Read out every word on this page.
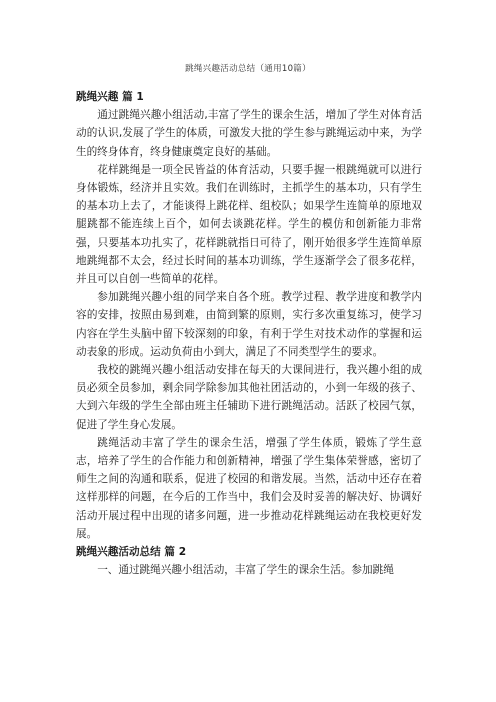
跳绳兴趣活动总结（通用10篇）

跳绳兴趣 篇 1

通过跳绳兴趣小组活动,丰富了学生的课余生活，增加了学生对体育活动的认识,发展了学生的体质，可激发大批的学生参与跳绳运动中来，为学生的终身体育，终身健康奠定良好的基础。

花样跳绳是一项全民皆益的体育活动，只要手握一根跳绳就可以进行身体锻炼，经济并且实效。我们在训练时，主抓学生的基本功，只有学生的基本功上去了，才能谈得上跳花样、组校队；如果学生连简单的原地双腿跳都不能连续上百个，如何去谈跳花样。学生的模仿和创新能力非常强，只要基本功扎实了，花样跳就指日可待了，刚开始很多学生连简单原地跳绳都不太会，经过长时间的基本功训练，学生逐渐学会了很多花样，并且可以自创一些简单的花样。

参加跳绳兴趣小组的同学来自各个班。教学过程、教学进度和教学内容的安排，按照由易到难，由简到繁的原则，实行多次重复练习，使学习内容在学生头脑中留下较深刻的印象，有利于学生对技术动作的掌握和运动表象的形成。运动负荷由小到大，满足了不同类型学生的要求。

我校的跳绳兴趣小组活动安排在每天的大课间进行，我兴趣小组的成员必须全员参加，剩余同学除参加其他社团活动的，小到一年级的孩子、大到六年级的学生全部由班主任辅助下进行跳绳活动。活跃了校园气氛，促进了学生身心发展。

跳绳活动丰富了学生的课余生活，增强了学生体质，锻炼了学生意志，培养了学生的合作能力和创新精神，增强了学生集体荣誉感，密切了师生之间的沟通和联系，促进了校园的和谐发展。当然，活动中还存在着这样那样的问题，在今后的工作当中，我们会及时妥善的解决好、协调好活动开展过程中出现的诸多问题，进一步推动花样跳绳运动在我校更好发展。

跳绳兴趣活动总结 篇 2

一、通过跳绳兴趣小组活动，丰富了学生的课余生活。参加跳绳
